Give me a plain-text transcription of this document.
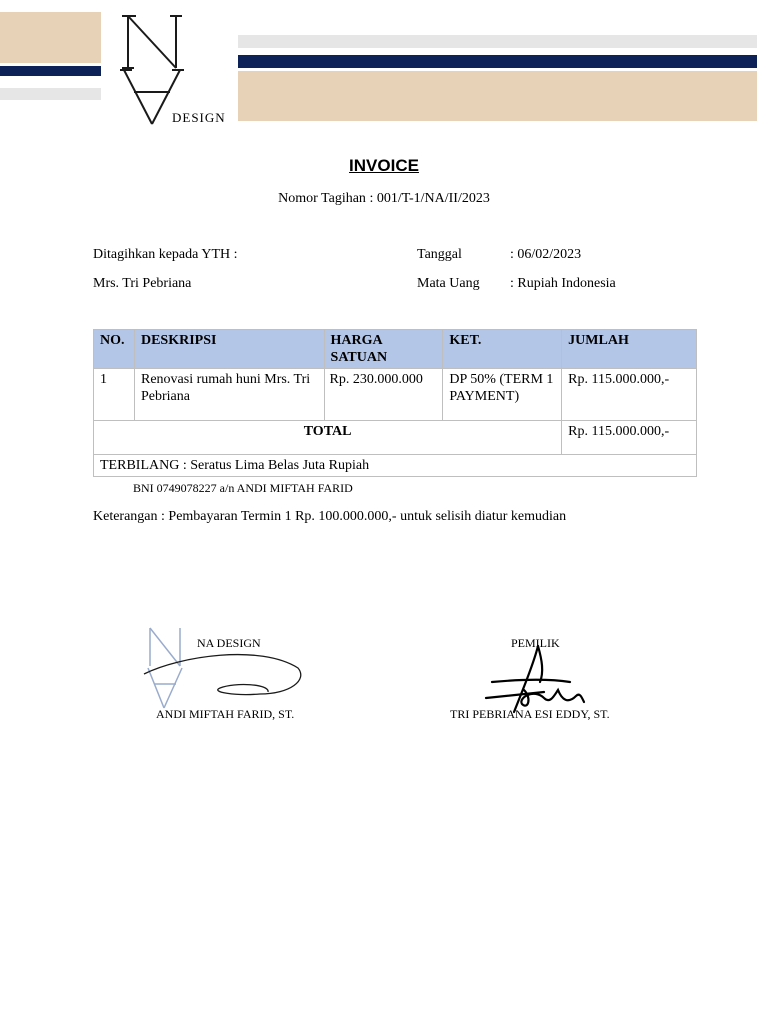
DESIGN
INVOICE
Nomor Tagihan : 001/T-1/NA/II/2023
Ditagihkan kepada YTH :
Mrs. Tri Pebriana
Tanggal	: 06/02/2023
Mata Uang : Rupiah Indonesia
NO.	DESKRIPSI	HARGA SATUAN	KET.	JUMLAH
1	Renovasi rumah huni Mrs. Tri Pebriana	Rp. 230.000.000	DP 50% (TERM 1 PAYMENT)	Rp. 115.000.000,-
TOTAL				Rp. 115.000.000,-
TERBILANG : Seratus Lima Belas Juta Rupiah				
BNI 0749078227 a/n ANDI MIFTAH FARID
Keterangan : Pembayaran Termin 1 Rp. 100.000.000,- untuk selisih diatur kemudian
NA DESIGN
ANDI MIFTAH FARID, ST.
PEMILIK
TRI PEBRIANA ESI EDDY, ST.
